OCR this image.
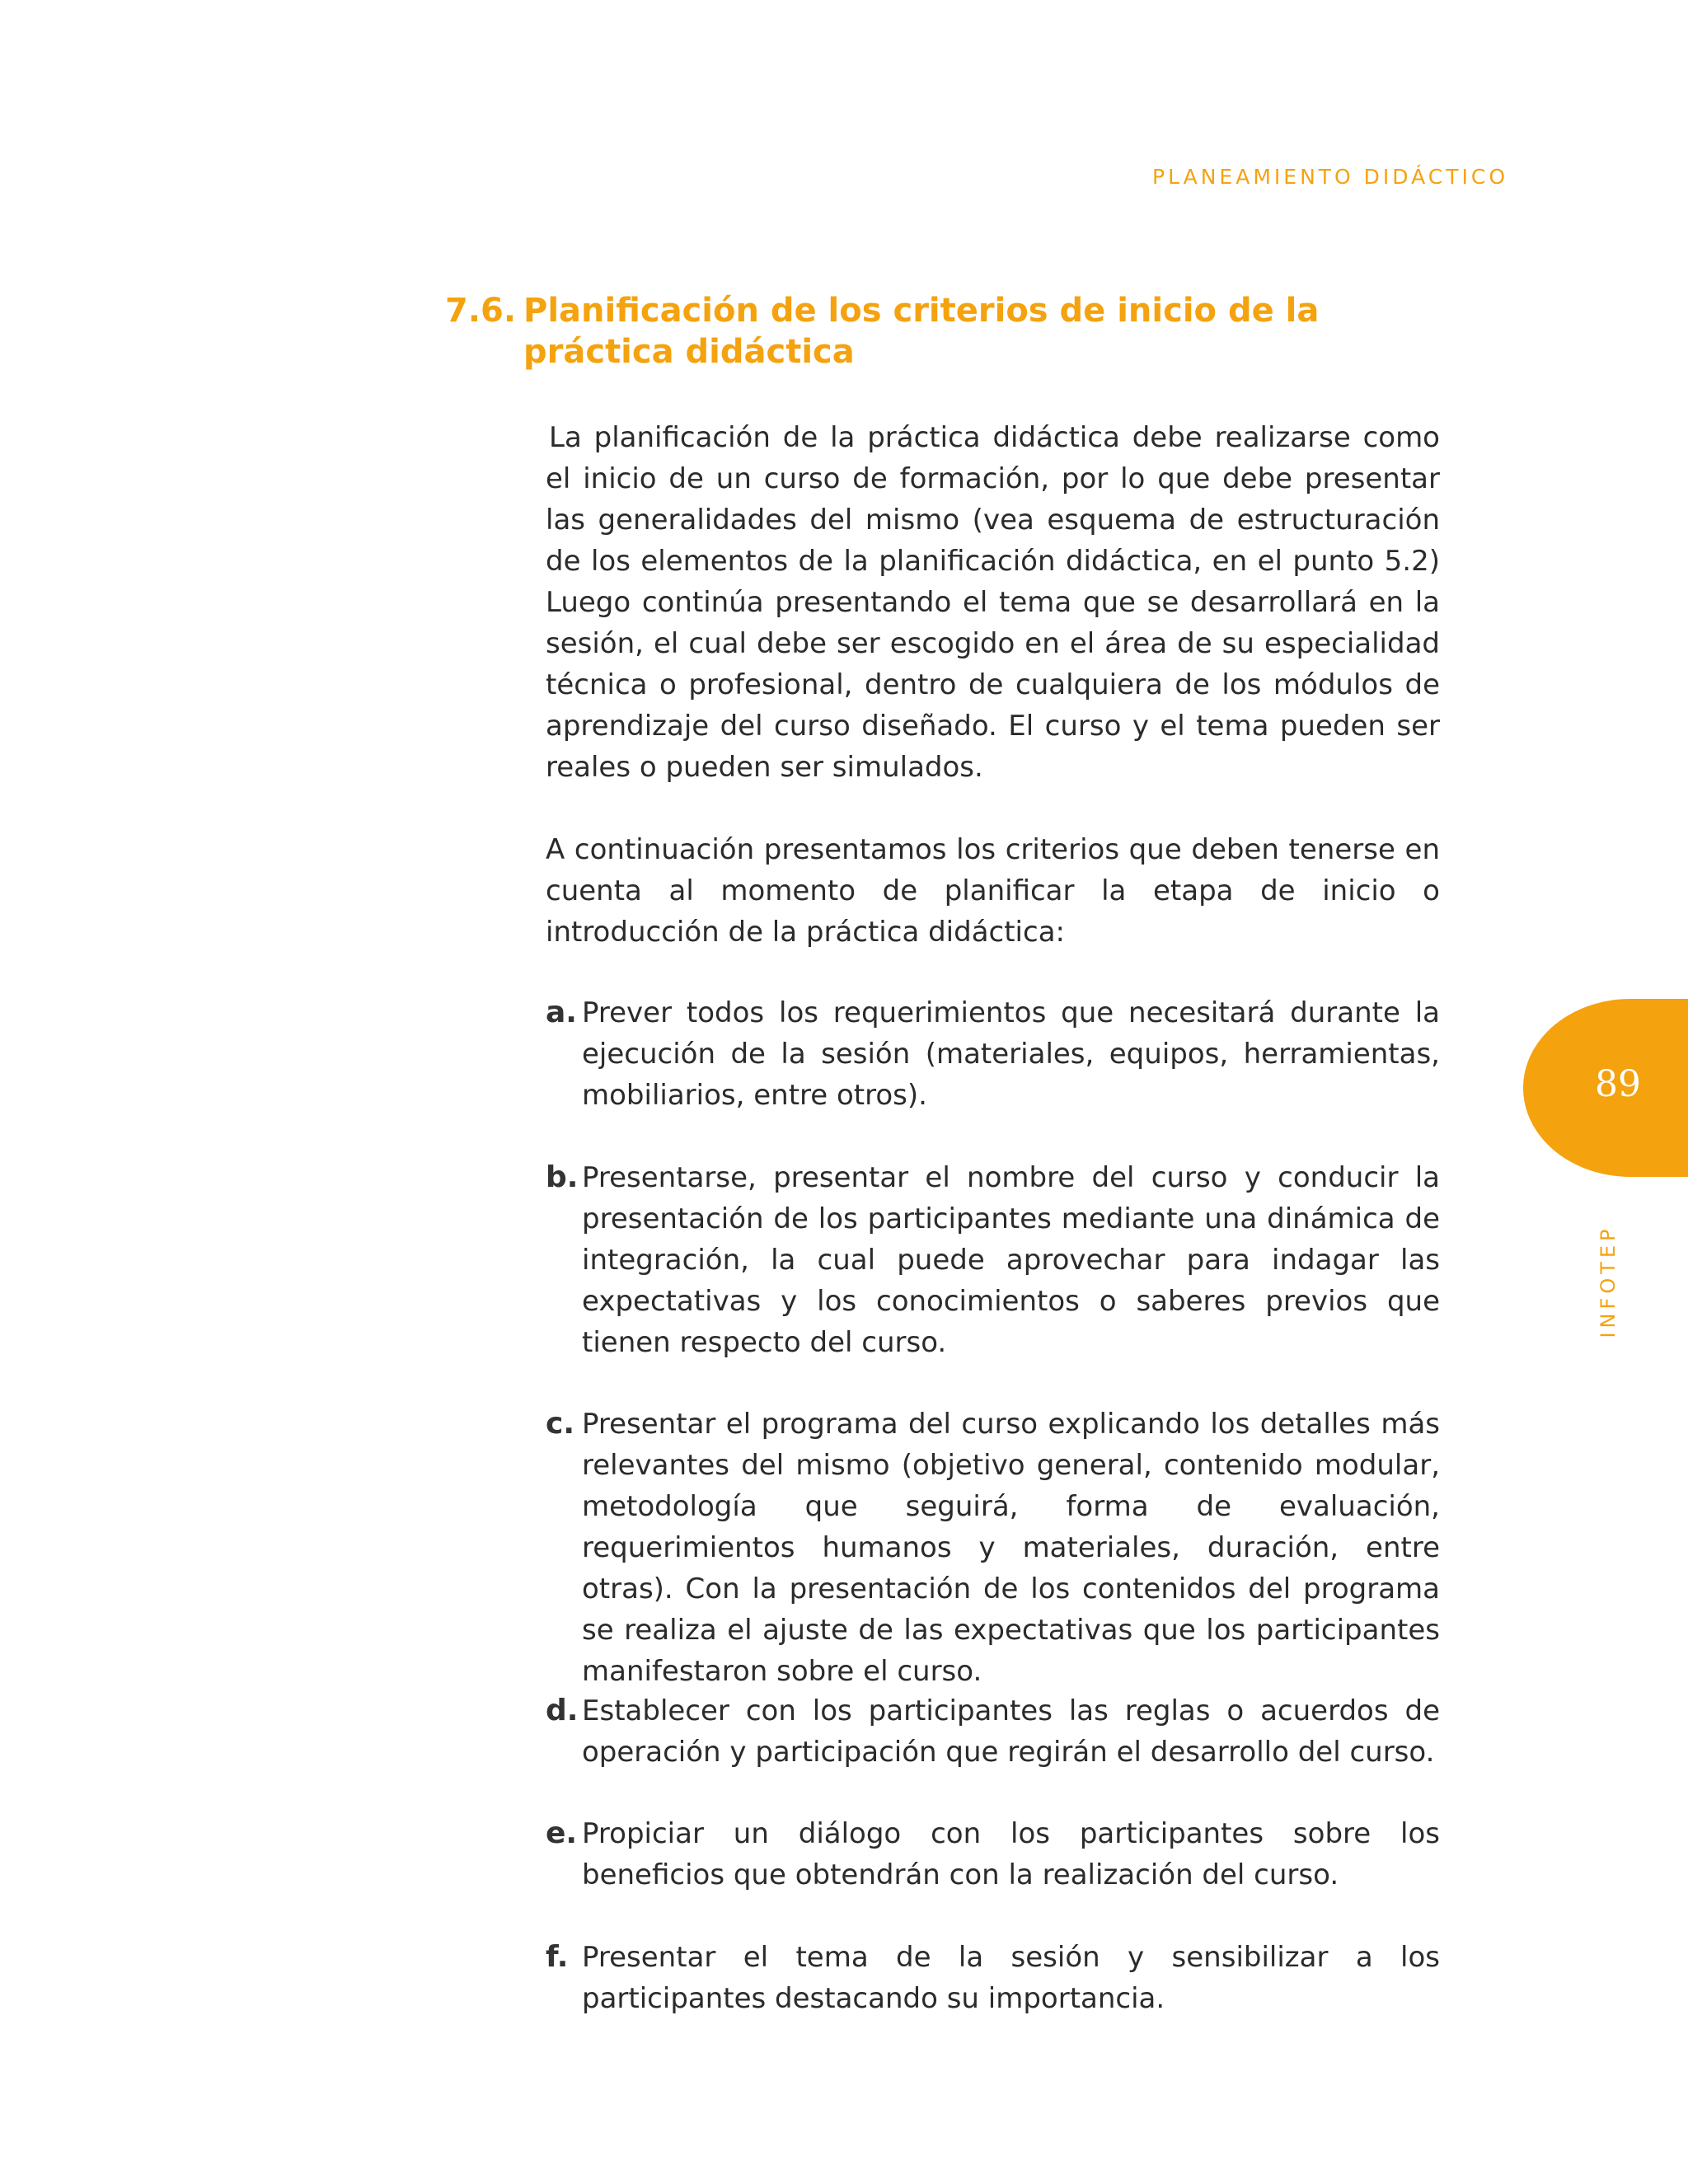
PLANEAMIENTO DIDÁCTICO
7.6. Planificación de los criterios de inicio de la práctica didáctica

La planificación de la práctica didáctica debe realizarse como el inicio de un curso de formación, por lo que debe presentar las generalidades del mismo (vea esquema de estructuración de los elementos de la planificación didáctica, en el punto 5.2) Luego continúa presentando el tema que se desarrollará en la sesión, el cual debe ser escogido en el área de su especialidad técnica o profesional, dentro de cualquiera de los módulos de aprendizaje del curso diseñado. El curso y el tema pueden ser reales o pueden ser simulados.

A continuación presentamos los criterios que deben tenerse en cuenta al momento de planificar la etapa de inicio o introducción de la práctica didáctica:

a. Prever todos los requerimientos que necesitará durante la ejecución de la sesión (materiales, equipos, herramientas, mobiliarios, entre otros).
b. Presentarse, presentar el nombre del curso y conducir la presentación de los participantes mediante una dinámica de integración, la cual puede aprovechar para indagar las expectativas y los conocimientos o saberes previos que tienen respecto del curso.
c. Presentar el programa del curso explicando los detalles más relevantes del mismo (objetivo general, contenido modular, metodología que seguirá, forma de evaluación, requerimientos humanos y materiales, duración, entre otras). Con la presentación de los contenidos del programa se realiza el ajuste de las expectativas que los participantes manifestaron sobre el curso.
d. Establecer con los participantes las reglas o acuerdos de operación y participación que regirán el desarrollo del curso.
e. Propiciar un diálogo con los participantes sobre los beneficios que obtendrán con la realización del curso.
f. Presentar el tema de la sesión y sensibilizar a los participantes destacando su importancia.
89
INFOTEP
